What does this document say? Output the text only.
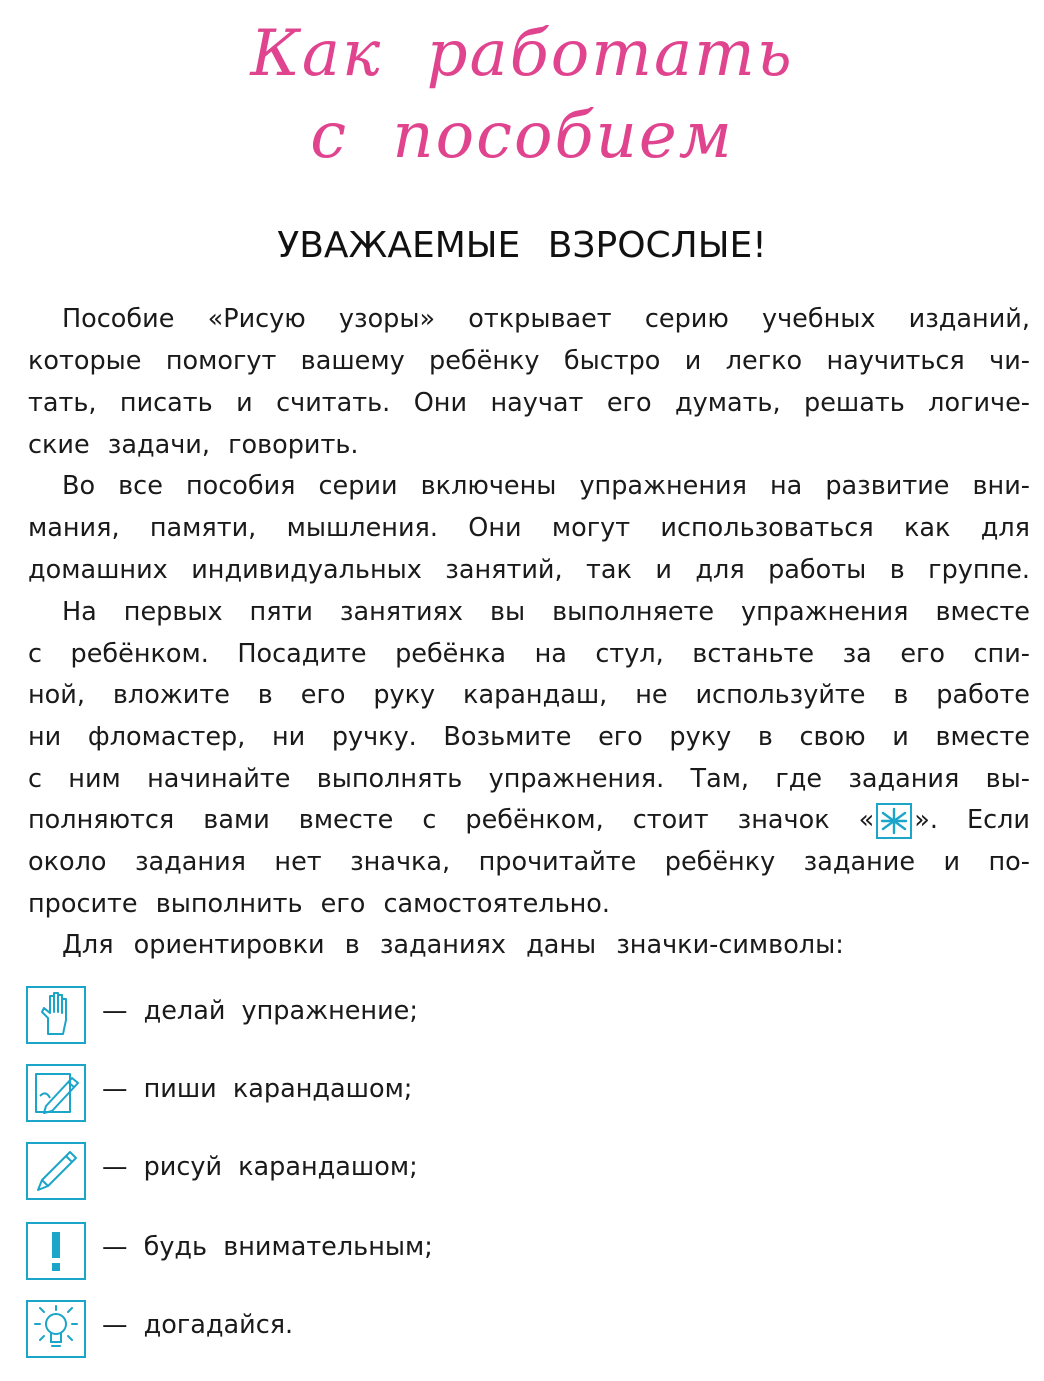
Как работать
с пособием
УВАЖАЕМЫЕ ВЗРОСЛЫЕ!
Пособие «Рисую узоры» открывает серию учебных изданий,
которые помогут вашему ребёнку быстро и легко научиться чи-
тать, писать и считать. Они научат его думать, решать логиче-
ские задачи, говорить.
Во все пособия серии включены упражнения на развитие вни-
мания, памяти, мышления. Они могут использоваться как для
домашних индивидуальных занятий, так и для работы в группе.
На первых пяти занятиях вы выполняете упражнения вместе
с ребёнком. Посадите ребёнка на стул, встаньте за его спи-
ной, вложите в его руку карандаш, не используйте в работе
ни фломастер, ни ручку. Возьмите его руку в свою и вместе
с ним начинайте выполнять упражнения. Там, где задания вы-
полняются вами вместе с ребёнком, стоит значок « ». Если
около задания нет значка, прочитайте ребёнку задание и по-
просите выполнить его самостоятельно.
Для ориентировки в заданиях даны значки-символы:
— делай упражнение;
— пиши карандашом;
— рисуй карандашом;
— будь внимательным;
— догадайся.
